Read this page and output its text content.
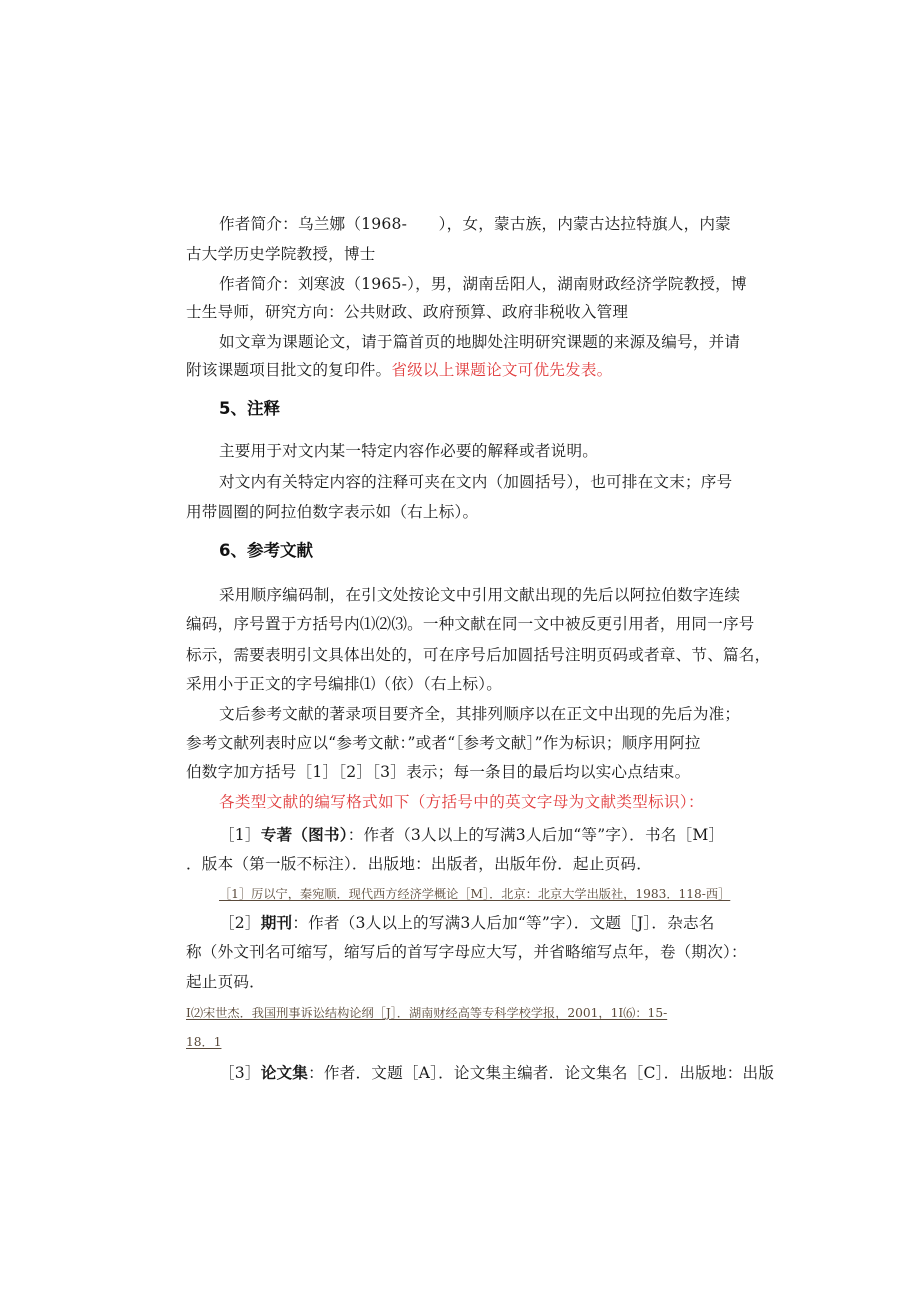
作者简介：乌兰娜（1968-　　），女，蒙古族，内蒙古达拉特旗人，内蒙
古大学历史学院教授，博士
作者简介：刘寒波（1965-），男，湖南岳阳人，湖南财政经济学院教授，博
士生导师，研究方向：公共财政、政府预算、政府非税收入管理
如文章为课题论文，请于篇首页的地脚处注明研究课题的来源及编号，并请
附该课题项目批文的复印件。省级以上课题论文可优先发表。
5、注释
主要用于对文内某一特定内容作必要的解释或者说明。
对文内有关特定内容的注释可夹在文内（加圆括号），也可排在文末；序号
用带圆圈的阿拉伯数字表示如（右上标）。
6、参考文献
采用顺序编码制，在引文处按论文中引用文献出现的先后以阿拉伯数字连续
编码，序号置于方括号内⑴⑵⑶。一种文献在同一文中被反更引用者，用同一序号
标示，需要表明引文具体出处的，可在序号后加圆括号注明页码或者章、节、篇名，
采用小于正文的字号编排⑴（依）（右上标）。
文后参考文献的著录项目要齐全，其排列顺序以在正文中出现的先后为准；
参考文献列表时应以“参考文献：”或者“［参考文献］”作为标识；顺序用阿拉
伯数字加方括号［1］［2］［3］表示；每一条目的最后均以实心点结束。
各类型文献的编写格式如下（方括号中的英文字母为文献类型标识）：
［1］专著（图书）：作者（3人以上的写满3人后加“等”字）．书名［M］
．版本（第一版不标注）．出版地：出版者，出版年份．起止页码．
［1］厉以宁，秦宛顺．现代西方经济学概论［M］．北京：北京大学出版社，1983．118-西］
［2］期刊：作者（3人以上的写满3人后加“等”字）．文题［J］．杂志名
称（外文刊名可缩写，缩写后的首写字母应大写，并省略缩写点年，卷（期次）：
起止页码．
I⑵宋世杰．我国刑事诉讼结构论纲［J］．湖南财经高等专科学校学报，2001，1I⑹：15-
18．1
［3］论文集：作者．文题［A］．论文集主编者．论文集名［C］．出版地：出版
